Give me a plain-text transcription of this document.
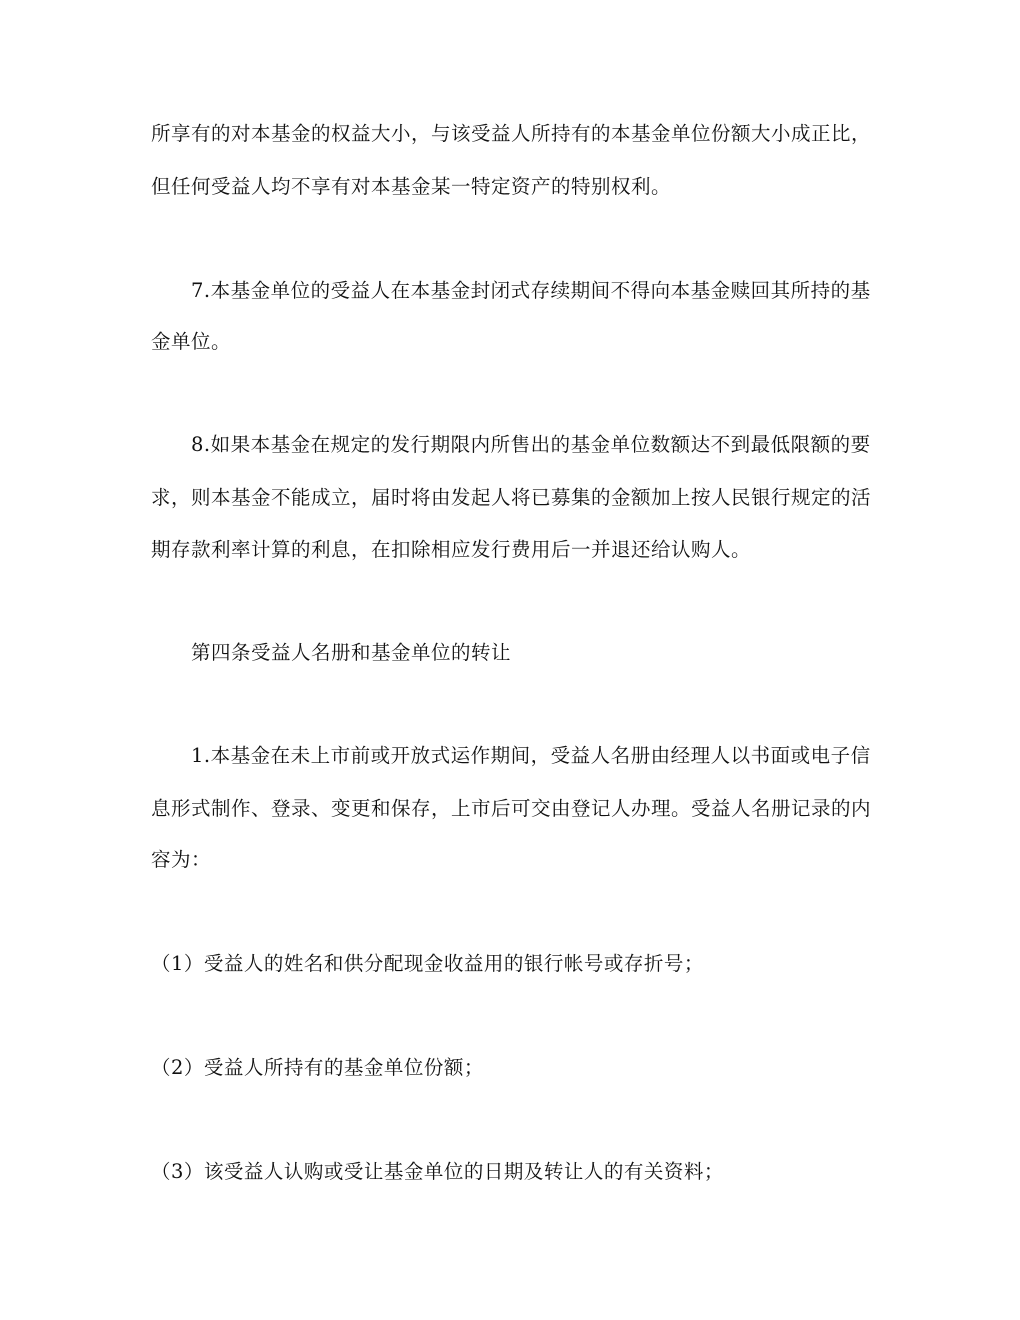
所享有的对本基金的权益大小，与该受益人所持有的本基金单位份额大小成正比，
但任何受益人均不享有对本基金某一特定资产的特别权利。
7.本基金单位的受益人在本基金封闭式存续期间不得向本基金赎回其所持的基
金单位。
8.如果本基金在规定的发行期限内所售出的基金单位数额达不到最低限额的要
求，则本基金不能成立，届时将由发起人将已募集的金额加上按人民银行规定的活
期存款利率计算的利息，在扣除相应发行费用后一并退还给认购人。
第四条受益人名册和基金单位的转让
1.本基金在未上市前或开放式运作期间，受益人名册由经理人以书面或电子信
息形式制作、登录、变更和保存，上市后可交由登记人办理。受益人名册记录的内
容为：
（1）受益人的姓名和供分配现金收益用的银行帐号或存折号；
（2）受益人所持有的基金单位份额；
（3）该受益人认购或受让基金单位的日期及转让人的有关资料；
